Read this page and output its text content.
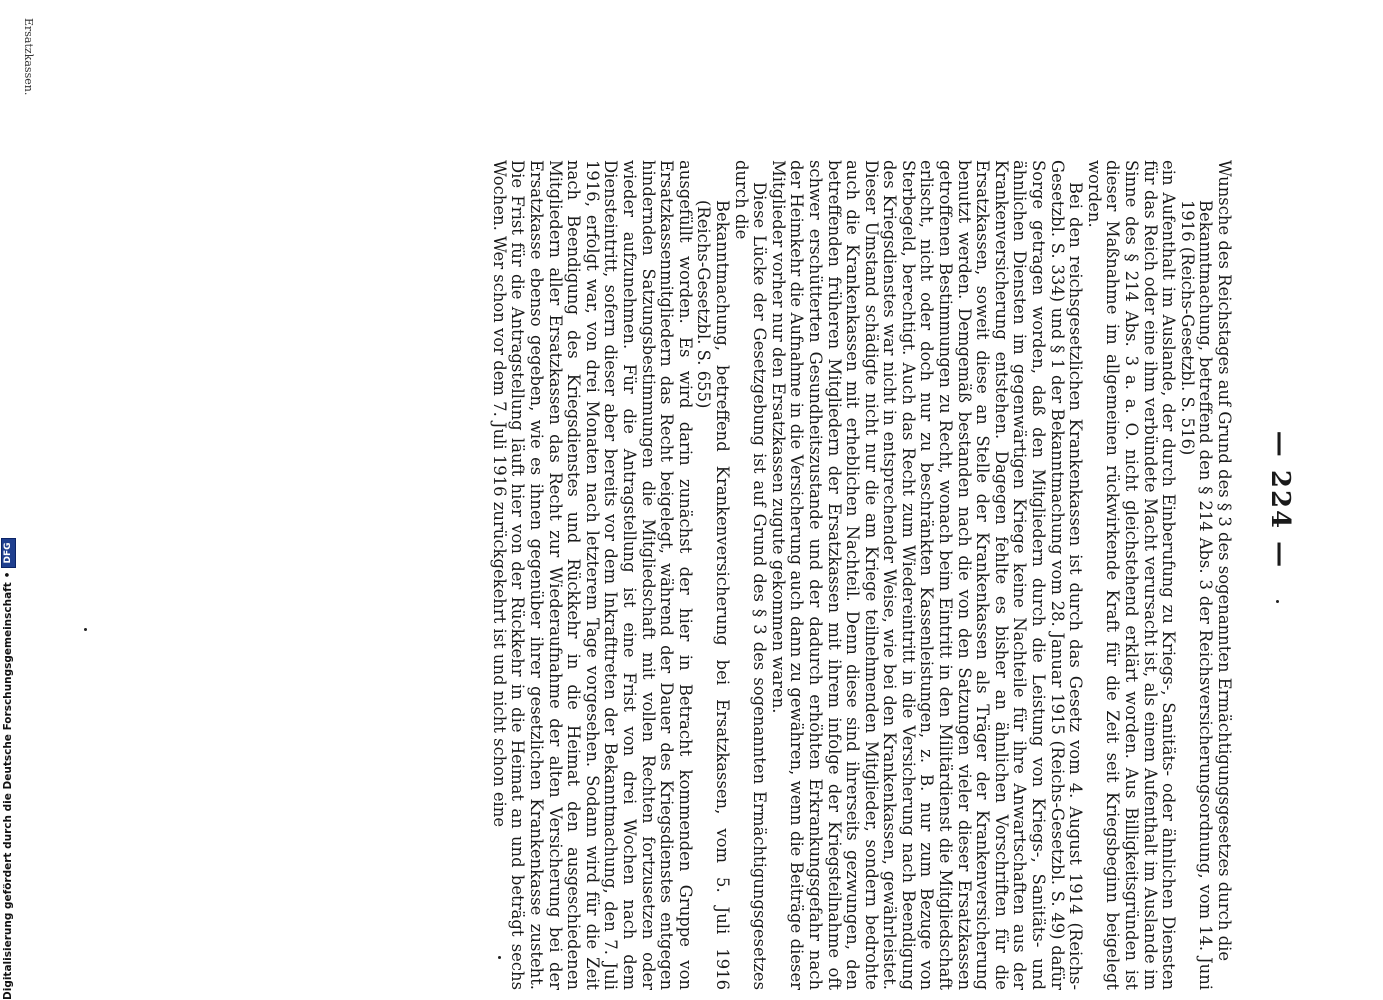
— 224 —
Ersatzkassen.

Wunsche des Reichstages auf Grund des § 3 des sogenannten Ermächtigungsgesetzes durch die

Bekanntmachung, betreffend den § 214 Abs. 3 der Reichsversicherungsordnung, vom 14. Juni 1916 (Reichs-Gesetzbl. S. 516)

ein Aufenthalt im Auslande, der durch Einberufung zu Kriegs-, Sanitäts- oder ähnlichen Diensten für das Reich oder eine ihm verbündete Macht verursacht ist, als einem Aufenthalt im Auslande im Sinne des § 214 Abs. 3 a. a. O. nicht gleichstehend erklärt worden. Aus Billigkeitsgründen ist dieser Maßnahme im allgemeinen rückwirkende Kraft für die Zeit seit Kriegsbeginn beigelegt worden.

Bei den reichsgesetzlichen Krankenkassen ist durch das Gesetz vom 4. August 1914 (Reichs-Gesetzbl. S. 334) und § 1 der Bekanntmachung vom 28. Januar 1915 (Reichs-Gesetzbl. S. 49) dafür Sorge getragen worden, daß den Mitgliedern durch die Leistung von Kriegs-, Sanitäts- und ähnlichen Diensten im gegenwärtigen Kriege keine Nachteile für ihre Anwartschaften aus der Krankenversicherung entstehen. Dagegen fehlte es bisher an ähnlichen Vorschriften für die Ersatzkassen, soweit diese an Stelle der Krankenkassen als Träger der Krankenversicherung benutzt werden. Demgemäß bestanden nach die von den Satzungen vieler dieser Ersatzkassen getroffenen Bestimmungen zu Recht, wonach beim Eintritt in den Militärdienst die Mitgliedschaft erlischt, nicht oder doch nur zu beschränkten Kassenleistungen, z. B. nur zum Bezuge von Sterbegeld, berechtigt. Auch das Recht zum Wiedereintritt in die Versicherung nach Beendigung des Kriegsdienstes war nicht in entsprechender Weise, wie bei den Krankenkassen, gewährleistet. Dieser Umstand schädigte nicht nur die am Kriege teilnehmenden Mitglieder, sondern bedrohte auch die Krankenkassen mit erheblichen Nachteil. Denn diese sind ihrerseits gezwungen, den betreffenden früheren Mitgliedern der Ersatzkassen mit ihrem infolge der Kriegsteilnahme oft schwer erschütterten Gesundheitszustande und der dadurch erhöhten Erkrankungsgefahr nach der Heimkehr die Aufnahme in die Versicherung auch dann zu gewähren, wenn die Beiträge dieser Mitglieder vorher nur den Ersatzkassen zugute gekommen waren.

Diese Lücke der Gesetzgebung ist auf Grund des § 3 des sogenannten Ermächtigungsgesetzes durch die

Bekanntmachung, betreffend Krankenversicherung bei Ersatzkassen, vom 5. Juli 1916 (Reichs-Gesetzbl. S. 655)

ausgefüllt worden. Es wird darin zunächst der hier in Betracht kommenden Gruppe von Ersatzkassenmitgliedern das Recht beigelegt, während der Dauer des Kriegsdienstes entgegen hindernden Satzungsbestimmungen die Mitgliedschaft mit vollen Rechten fortzusetzen oder wieder aufzunehmen. Für die Antragstellung ist eine Frist von drei Wochen nach dem Diensteintritt, sofern dieser aber bereits vor dem Inkrafttreten der Bekanntmachung, den 7. Juli 1916, erfolgt war, von drei Monaten nach letzterem Tage vorgesehen. Sodann wird für die Zeit nach Beendigung des Kriegsdienstes und Rückkehr in die Heimat den ausgeschiedenen Mitgliedern aller Ersatzkassen das Recht zur Wiederaufnahme der alten Versicherung bei der Ersatzkasse ebenso gegeben, wie es ihnen gegenüber ihrer gesetzlichen Krankenkasse zusteht. Die Frist für die Antragstellung läuft hier von der Rückkehr in die Heimat an und beträgt sechs Wochen. Wer schon vor dem 7. Juli 1916 zurückgekehrt ist und nicht schon eine

Digitalisierung gefördert durch die Deutsche Forschungsgemeinschaft
•
DFG
